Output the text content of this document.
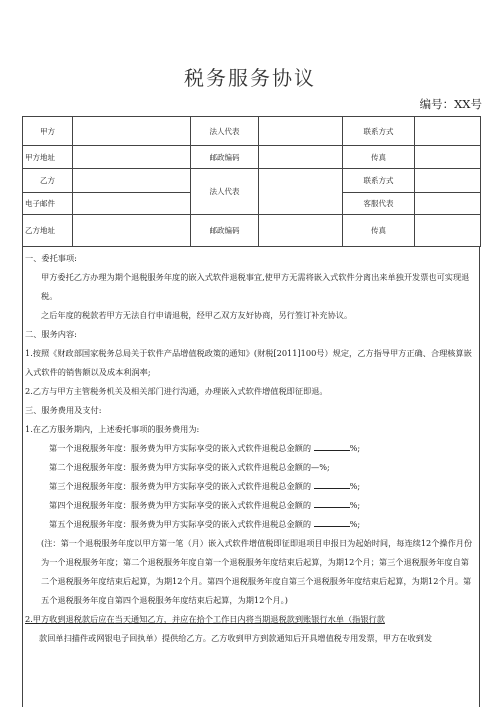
税务服务协议
编号：XX号
甲方		法人代表		联系方式	
甲方地址		邮政编码		传真	
乙方		法人代表		联系方式	
电子邮件				客服代表	
乙方地址		邮政编码		传真	

一、委托事项:

甲方委托乙方办理为期个退税服务年度的嵌入式软件退税事宜,使甲方无需将嵌入式软件分离出来单独开发票也可实现退税。

之后年度的税款若甲方无法自行申请退税，经甲乙双方友好协商，另行签订补充协议。

二、服务内容:

1.按照《财政部国家税务总局关于软件产品增值税政策的通知》(财税[2011]100号）规定，乙方指导甲方正确、合理核算嵌入式软件的销售额以及成本利润率;

2.乙方与甲方主管税务机关及相关部门进行沟通，办理嵌入式软件增值税即征即退。

三、服务费用及支付:

1.在乙方服务期内，上述委托事项的服务费用为:

第一个退税服务年度：服务费为甲方实际享受的嵌入式软件退税总金额的	%;

第二个退税服务年度：服务费为甲方实际享受的嵌入式软件退税总金额的—%;

第三个退税服务年度：服务费为甲方实际享受的嵌入式软件退税总金额的	%;

第四个退税服务年度：服务费为甲方实际享受的嵌入式软件退税总金额的	%;

第五个退税服务年度：服务费为甲方实际享受的嵌入式软件退税总金额的	%;

(注：第一个退税服务年度以甲方第一笔（月）嵌入式软件增值税即征即退项目申报日为起始时间，每连续12个操作月份为一个退税服务年度；第二个退税服务年度自第一个退税服务年度结束后起算，为期12个月；第三个退税服务年度自第二个退税服务年度结束后起算，为期12个月。第四个退税服务年度自第三个退税服务年度结束后起算，为期12个月。第五个退税服务年度自第四个退税服务年度结束后起算，为期12个月。)

2.甲方收到退税款后应在当天通知乙方，并应在拾个工作日内将当期退税款到账银行水单（指银行款

款回单扫描件或网银电子回执单）提供给乙方。乙方收到甲方到款通知后开具增值税专用发票，甲方在收到发
